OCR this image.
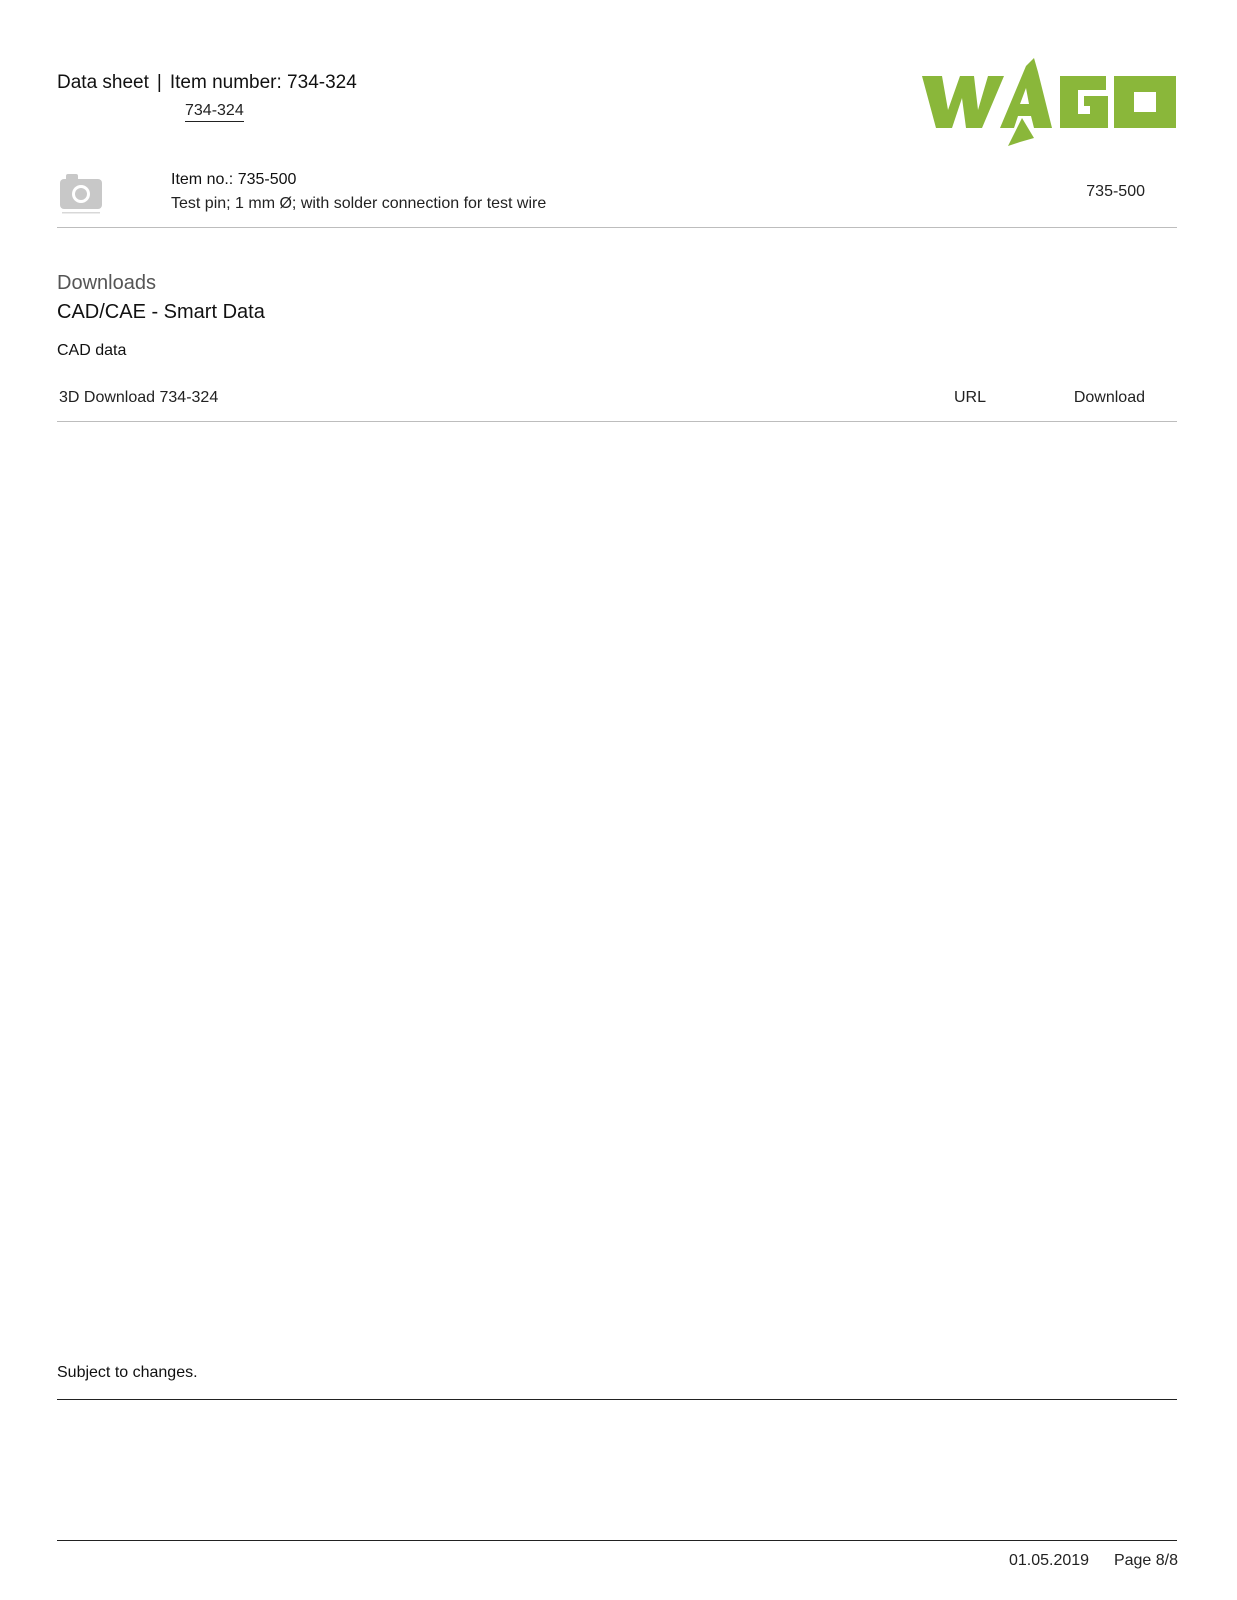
Data sheet | Item number: 734-324
734-324
Item no.: 735-500
Test pin; 1 mm Ø; with solder connection for test wire
735-500
Downloads
CAD/CAE - Smart Data
CAD data
3D Download 734-324	URL	Download
Subject to changes.
01.05.2019 Page 8/8
